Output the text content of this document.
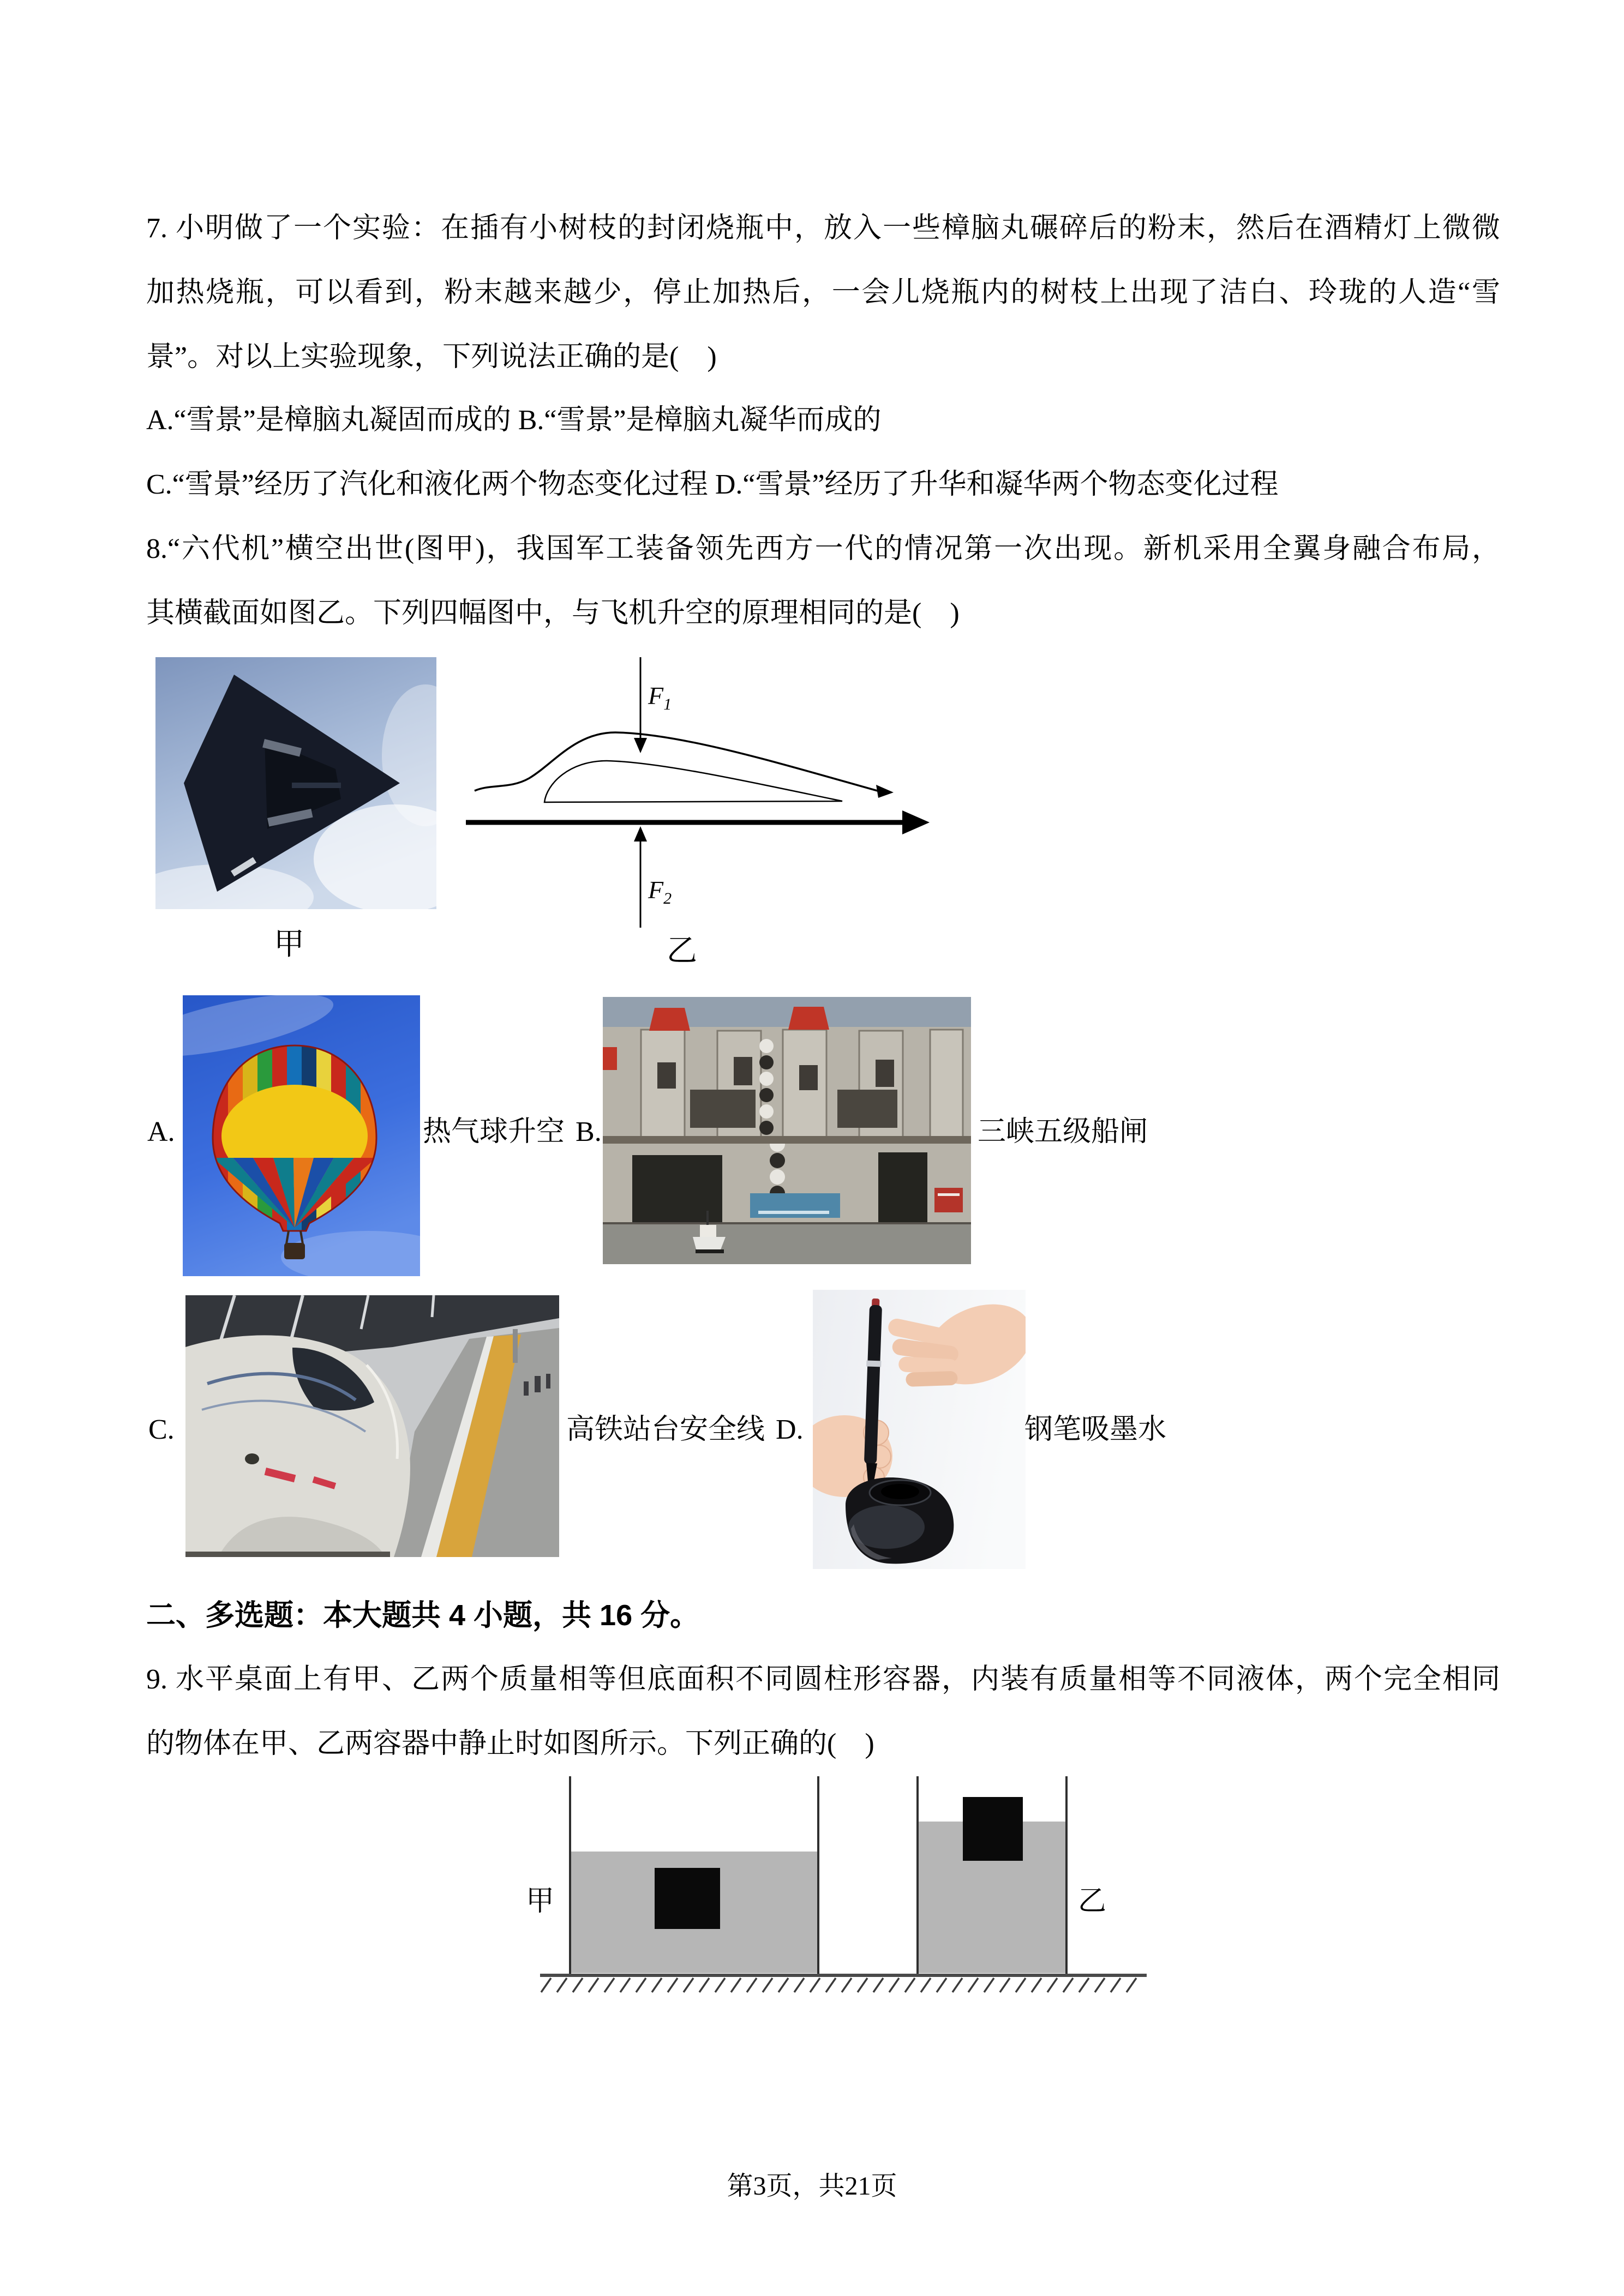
7. 小明做了一个实验：在插有小树枝的封闭烧瓶中，放入一些樟脑丸碾碎后的粉末，然后在酒精灯上微微
加热烧瓶，可以看到，粉末越来越少，停止加热后，一会儿烧瓶内的树枝上出现了洁白、玲珑的人造“雪
景”。对以上实验现象，下列说法正确的是(　)
A.“雪景”是樟脑丸凝固而成的 B.“雪景”是樟脑丸凝华而成的
C.“雪景”经历了汽化和液化两个物态变化过程 D.“雪景”经历了升华和凝华两个物态变化过程
8.“六代机”横空出世(图甲)，我国军工装备领先西方一代的情况第一次出现。新机采用全翼身融合布局，
其横截面如图乙。下列四幅图中，与飞机升空的原理相同的是(　)
甲
$F_1$
$F_2$
乙
A.	热气球升空 B.	三峡五级船闸
C.	高铁站台安全线 D.	钢笔吸墨水
二、多选题：本大题共 4 小题，共 16 分。
9. 水平桌面上有甲、乙两个质量相等但底面积不同圆柱形容器，内装有质量相等不同液体，两个完全相同
的物体在甲、乙两容器中静止时如图所示。下列正确的(　)
甲	乙
第3页，共21页
